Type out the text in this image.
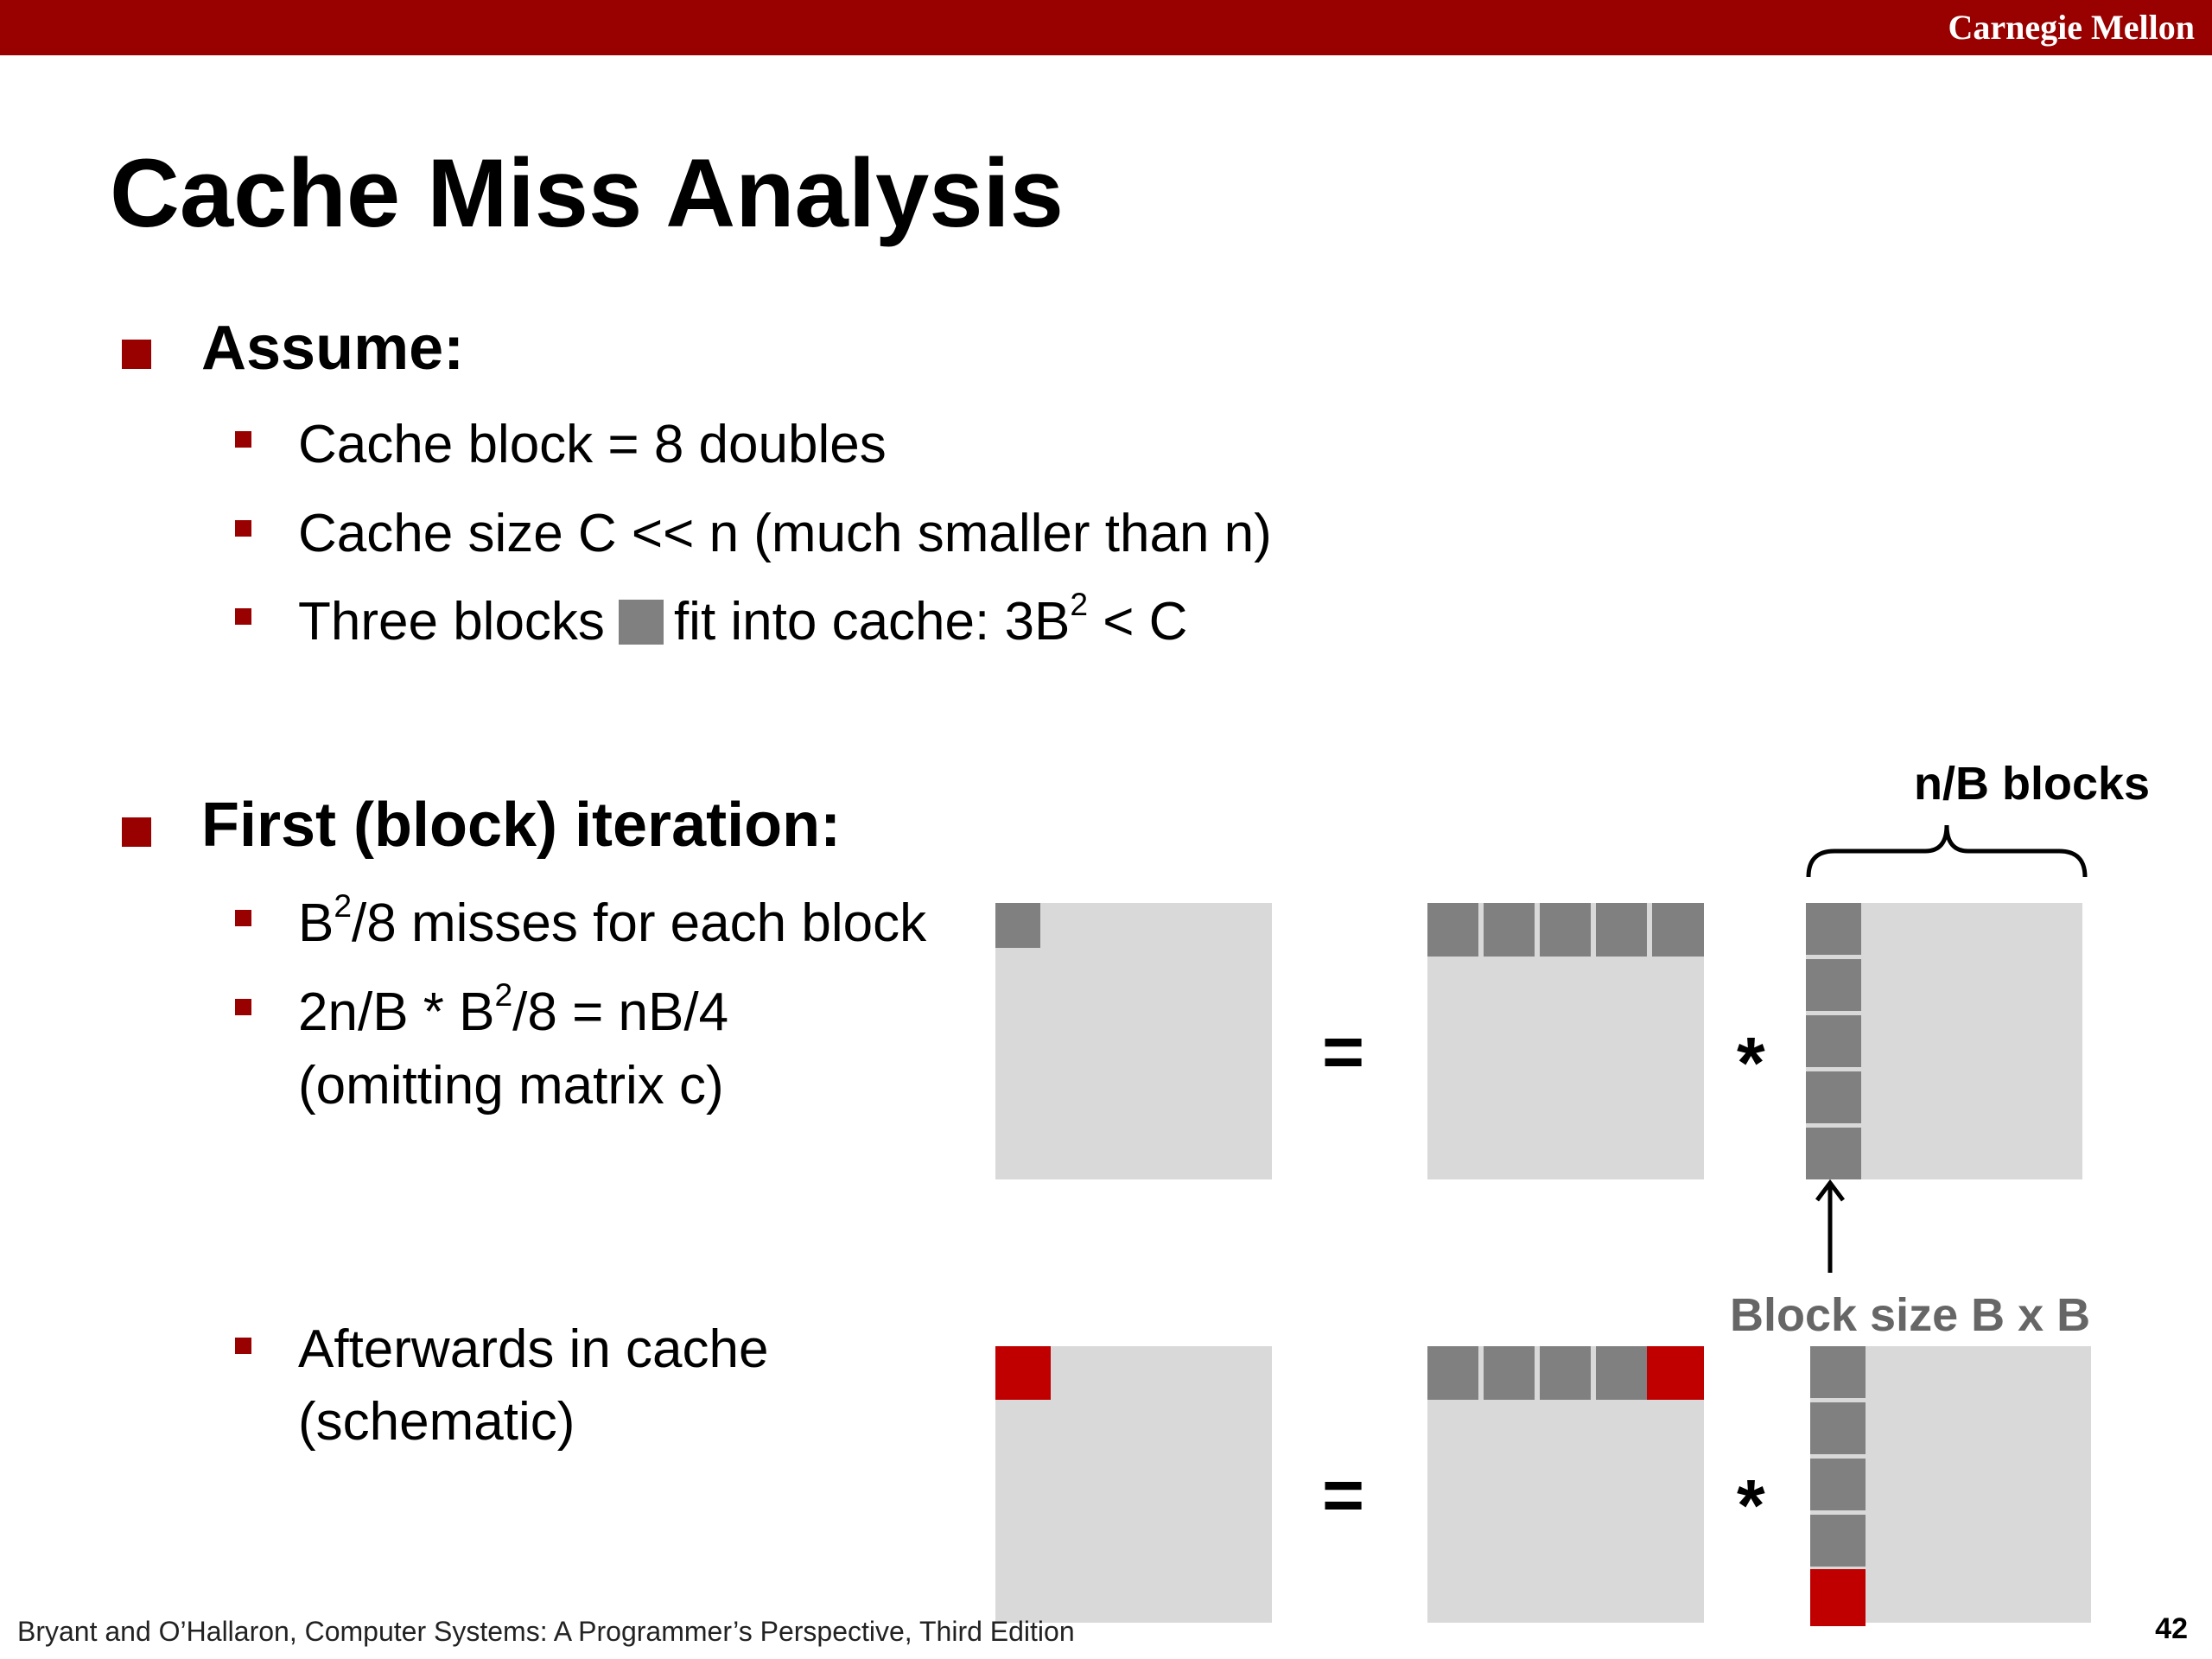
Carnegie Mellon
Cache Miss Analysis
Assume:
Cache block = 8 doubles
Cache size C << n (much smaller than n)
Three blocks fit into cache: $3B^2 < C$
First (block) iteration:
$B^2/8$ misses for each block
$2n/B * B^2/8 = nB/4$
(omitting matrix c)
Afterwards in cache
(schematic)
=	*
n/B blocks
Block size B x B
=	*
Bryant and O’Hallaron, Computer Systems: A Programmer’s Perspective, Third Edition	42
